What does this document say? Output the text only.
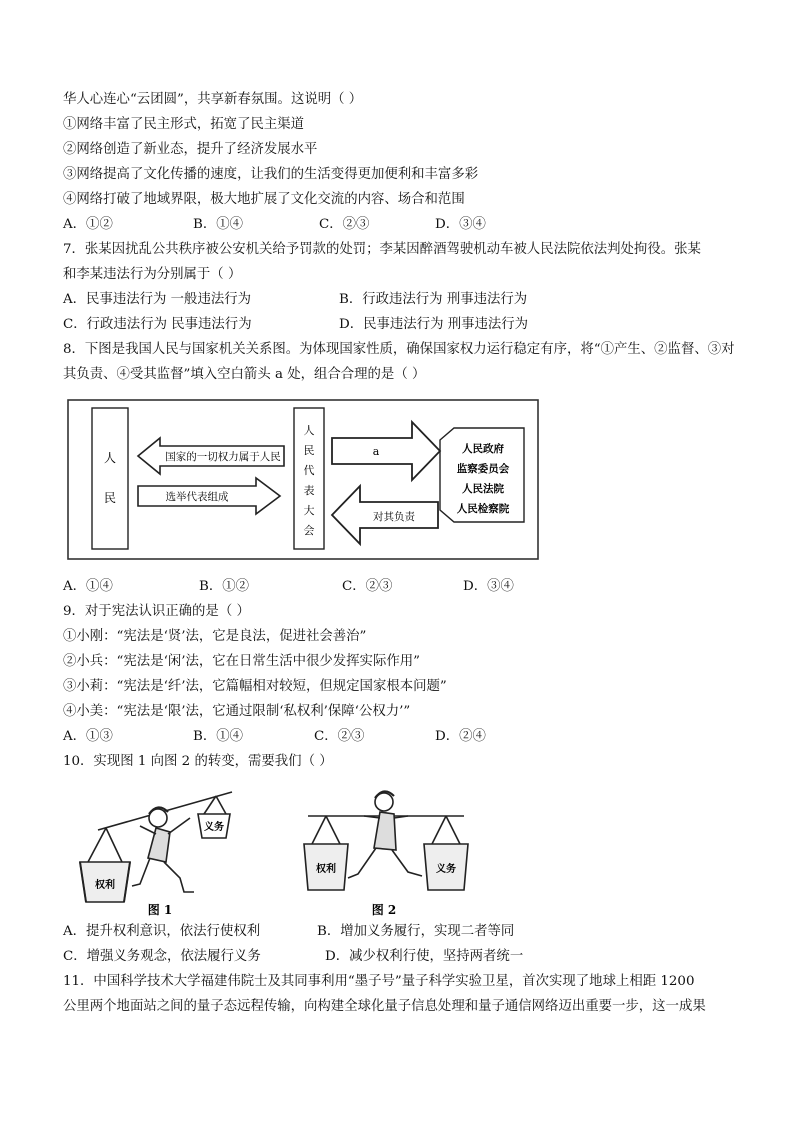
华人心连心“云团圆”，共享新春氛围。这说明（ ）
①网络丰富了民主形式，拓宽了民主渠道
②网络创造了新业态，提升了经济发展水平
③网络提高了文化传播的速度，让我们的生活变得更加便利和丰富多彩
④网络打破了地域界限，极大地扩展了文化交流的内容、场合和范围
A．①②	B．①④	C．②③	D．③④
7．张某因扰乱公共秩序被公安机关给予罚款的处罚；李某因醉酒驾驶机动车被人民法院依法判处拘役。张某
和李某违法行为分别属于（ ）
A．民事违法行为 一般违法行为	B．行政违法行为 刑事违法行为
C．行政违法行为 民事违法行为	D．民事违法行为 刑事违法行为
8．下图是我国人民与国家机关关系图。为体现国家性质，确保国家权力运行稳定有序，将“①产生、②监督、③对
其负责、④受其监督”填入空白箭头 a 处，组合合理的是（ ）
人
民
国家的一切权力属于人民
选举代表组成
人
民
代
表
大
会
a
对其负责
人民政府
监察委员会
人民法院
人民检察院
A．①④	B．①②	C．②③	D．③④
9．对于宪法认识正确的是（ ）
①小刚：“宪法是‘贤’法，它是良法，促进社会善治”
②小兵：“宪法是‘闲’法，它在日常生活中很少发挥实际作用”
③小莉：“宪法是‘纤’法，它篇幅相对较短，但规定国家根本问题”
④小美：“宪法是‘限’法，它通过限制‘私权利’保障‘公权力’”
A．①③	B．①④	C．②③	D．②④
10．实现图 1 向图 2 的转变，需要我们（ ）
义务
权利
图 1
权利	义务
图 2
A．提升权利意识，依法行使权利	B．增加义务履行，实现二者等同
C．增强义务观念，依法履行义务	D．减少权利行使，坚持两者统一
11．中国科学技术大学福建伟院士及其同事利用“墨子号”量子科学实验卫星，首次实现了地球上相距 1200
公里两个地面站之间的量子态远程传输，向构建全球化量子信息处理和量子通信网络迈出重要一步，这一成果
